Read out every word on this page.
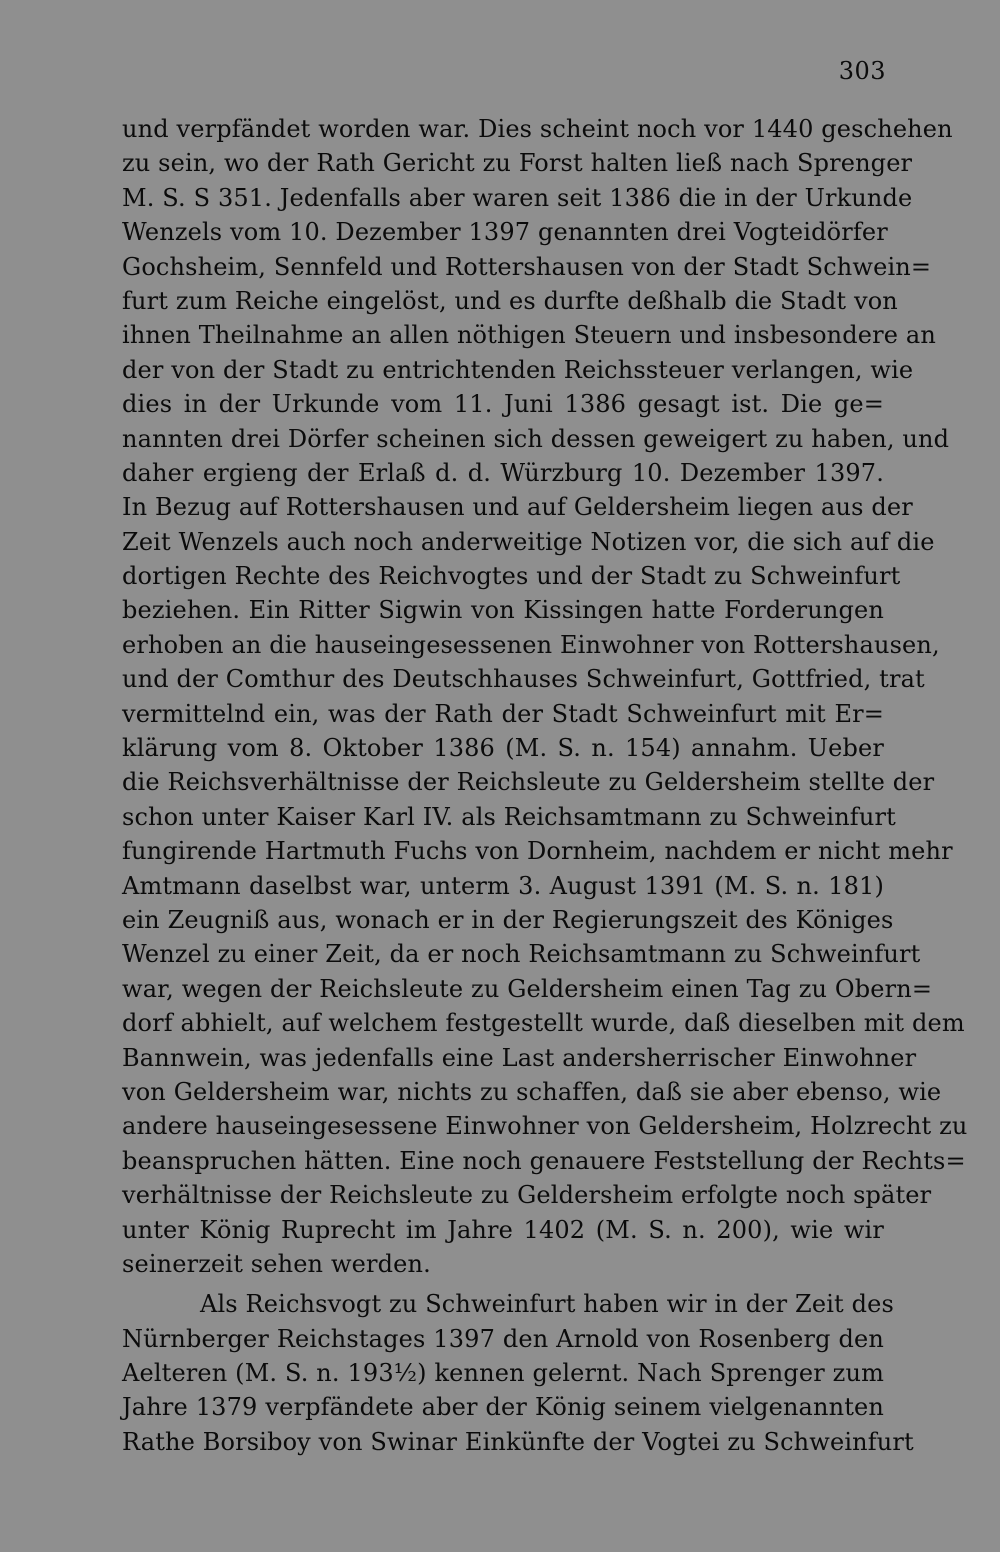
303
und verpfändet worden war. Dies scheint noch vor 1440 geschehen
zu sein, wo der Rath Gericht zu Forst halten ließ nach Sprenger
M. S. S 351. Jedenfalls aber waren seit 1386 die in der Urkunde
Wenzels vom 10. Dezember 1397 genannten drei Vogteidörfer
Gochsheim, Sennfeld und Rottershausen von der Stadt Schwein=
furt zum Reiche eingelöst, und es durfte deßhalb die Stadt von
ihnen Theilnahme an allen nöthigen Steuern und insbesondere an
der von der Stadt zu entrichtenden Reichssteuer verlangen, wie
dies in der Urkunde vom 11. Juni 1386 gesagt ist. Die ge=
nannten drei Dörfer scheinen sich dessen geweigert zu haben, und
daher ergieng der Erlaß d. d. Würzburg 10. Dezember 1397.
In Bezug auf Rottershausen und auf Geldersheim liegen aus der
Zeit Wenzels auch noch anderweitige Notizen vor, die sich auf die
dortigen Rechte des Reichvogtes und der Stadt zu Schweinfurt
beziehen. Ein Ritter Sigwin von Kissingen hatte Forderungen
erhoben an die hauseingesessenen Einwohner von Rottershausen,
und der Comthur des Deutschhauses Schweinfurt, Gottfried, trat
vermittelnd ein, was der Rath der Stadt Schweinfurt mit Er=
klärung vom 8. Oktober 1386 (M. S. n. 154) annahm. Ueber
die Reichsverhältnisse der Reichsleute zu Geldersheim stellte der
schon unter Kaiser Karl IV. als Reichsamtmann zu Schweinfurt
fungirende Hartmuth Fuchs von Dornheim, nachdem er nicht mehr
Amtmann daselbst war, unterm 3. August 1391 (M. S. n. 181)
ein Zeugniß aus, wonach er in der Regierungszeit des Königes
Wenzel zu einer Zeit, da er noch Reichsamtmann zu Schweinfurt
war, wegen der Reichsleute zu Geldersheim einen Tag zu Obern=
dorf abhielt, auf welchem festgestellt wurde, daß dieselben mit dem
Bannwein, was jedenfalls eine Last andersherrischer Einwohner
von Geldersheim war, nichts zu schaffen, daß sie aber ebenso, wie
andere hauseingesessene Einwohner von Geldersheim, Holzrecht zu
beanspruchen hätten. Eine noch genauere Feststellung der Rechts=
verhältnisse der Reichsleute zu Geldersheim erfolgte noch später
unter König Ruprecht im Jahre 1402 (M. S. n. 200), wie wir
seinerzeit sehen werden.
Als Reichsvogt zu Schweinfurt haben wir in der Zeit des
Nürnberger Reichstages 1397 den Arnold von Rosenberg den
Aelteren (M. S. n. 193½) kennen gelernt. Nach Sprenger zum
Jahre 1379 verpfändete aber der König seinem vielgenannten
Rathe Borsiboy von Swinar Einkünfte der Vogtei zu Schweinfurt
